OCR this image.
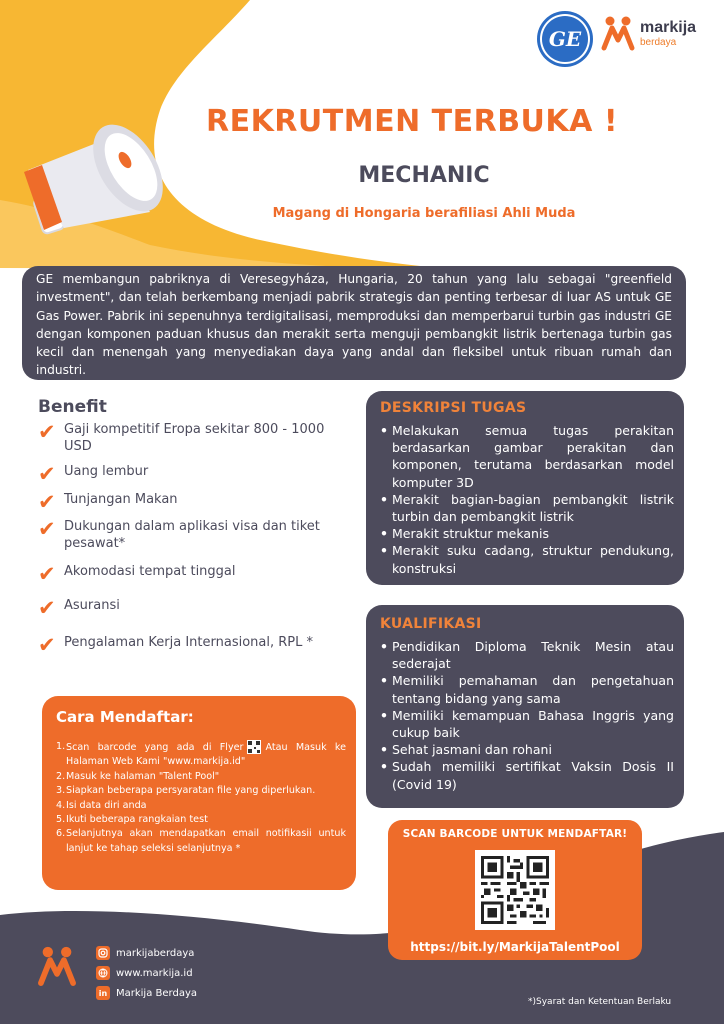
GE	markija
berdaya
REKRUTMEN TERBUKA !
MECHANIC
Magang di Hongaria berafiliasi Ahli Muda
GE membangun pabriknya di Veresegyháza, Hungaria, 20 tahun yang lalu sebagai "greenfield investment", dan telah berkembang menjadi pabrik strategis dan penting terbesar di luar AS untuk GE Gas Power. Pabrik ini sepenuhnya terdigitalisasi, memproduksi dan memperbarui turbin gas industri GE dengan komponen paduan khusus dan merakit serta menguji pembangkit listrik bertenaga turbin gas kecil dan menengah yang menyediakan daya yang andal dan fleksibel untuk ribuan rumah dan industri.
Benefit
✔ Gaji kompetitif Eropa sekitar 800 - 1000 USD
✔ Uang lembur
✔ Tunjangan Makan
✔ Dukungan dalam aplikasi visa dan tiket pesawat*
✔ Akomodasi tempat tinggal
✔ Asuransi
✔ Pengalaman Kerja Internasional, RPL *
DESKRIPSI TUGAS
• Melakukan semua tugas perakitan berdasarkan gambar perakitan dan komponen, terutama berdasarkan model komputer 3D
• Merakit bagian-bagian pembangkit listrik turbin dan pembangkit listrik
• Merakit struktur mekanis
• Merakit suku cadang, struktur pendukung, konstruksi
KUALIFIKASI
• Pendidikan Diploma Teknik Mesin atau sederajat
• Memiliki pemahaman dan pengetahuan tentang bidang yang sama
• Memiliki kemampuan Bahasa Inggris yang cukup baik
• Sehat jasmani dan rohani
• Sudah memiliki sertifikat Vaksin Dosis II (Covid 19)
Cara Mendaftar:
1. Scan barcode yang ada di Flyer Atau Masuk ke Halaman Web Kami "www.markija.id"
2. Masuk ke halaman "Talent Pool"
3. Siapkan beberapa persyaratan file yang diperlukan.
4. Isi data diri anda
5. Ikuti beberapa rangkaian test
6. Selanjutnya akan mendapatkan email notifikasii untuk lanjut ke tahap seleksi selanjutnya *
SCAN BARCODE UNTUK MENDAFTAR!
https://bit.ly/MarkijaTalentPool
markijaberdaya
www.markija.id
in Markija Berdaya
*)Syarat dan Ketentuan Berlaku
